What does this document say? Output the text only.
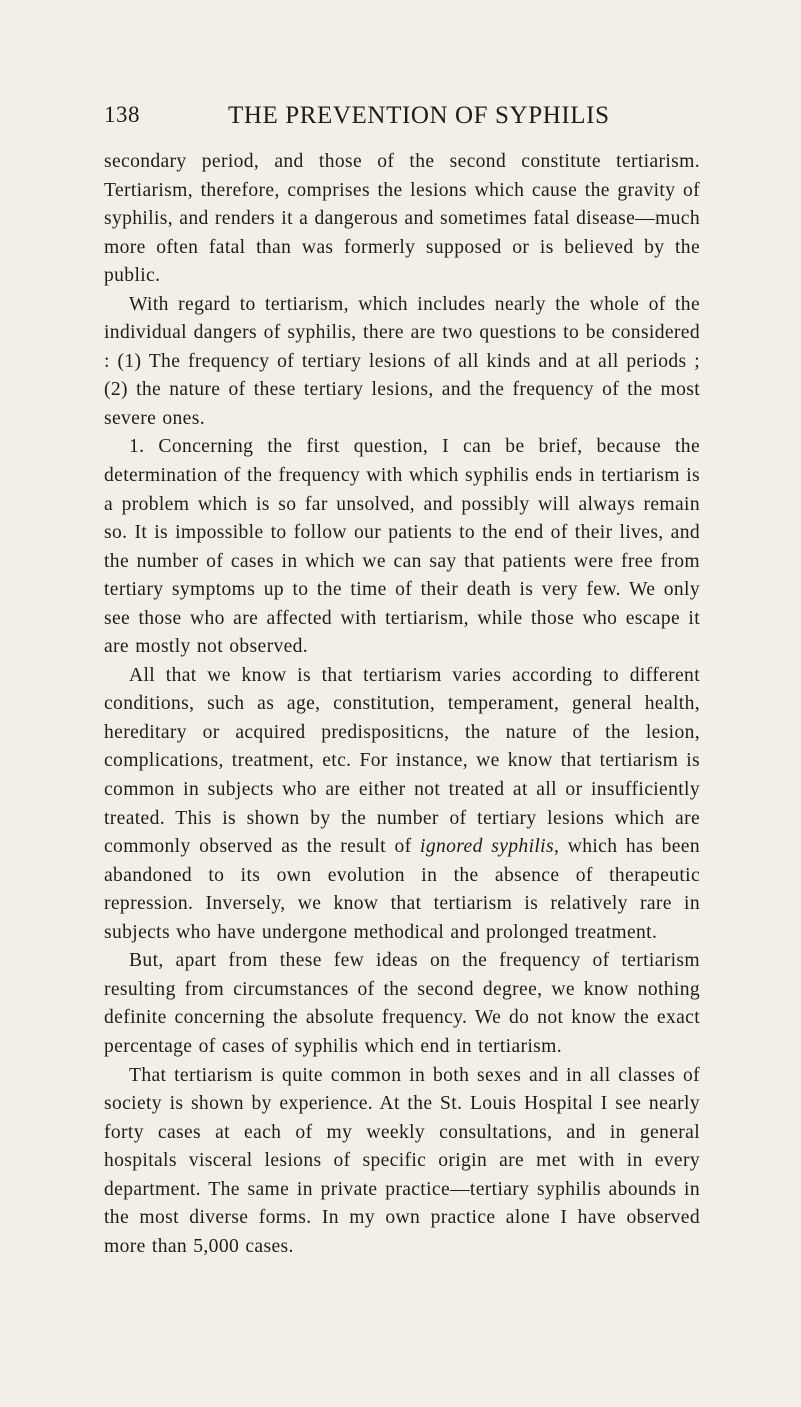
138	THE PREVENTION OF SYPHILIS

secondary period, and those of the second constitute tertiarism. Tertiarism, therefore, comprises the lesions which cause the gravity of syphilis, and renders it a dangerous and sometimes fatal disease—much more often fatal than was formerly supposed or is believed by the public.

With regard to tertiarism, which includes nearly the whole of the individual dangers of syphilis, there are two questions to be considered : (1) The frequency of tertiary lesions of all kinds and at all periods ; (2) the nature of these tertiary lesions, and the frequency of the most severe ones.

1. Concerning the first question, I can be brief, because the determination of the frequency with which syphilis ends in tertiarism is a problem which is so far unsolved, and possibly will always remain so. It is impossible to follow our patients to the end of their lives, and the number of cases in which we can say that patients were free from tertiary symptoms up to the time of their death is very few. We only see those who are affected with tertiarism, while those who escape it are mostly not observed.

All that we know is that tertiarism varies according to different conditions, such as age, constitution, temperament, general health, hereditary or acquired predispositicns, the nature of the lesion, complications, treatment, etc. For instance, we know that tertiarism is common in subjects who are either not treated at all or insufficiently treated. This is shown by the number of tertiary lesions which are commonly observed as the result of ignored syphilis, which has been abandoned to its own evolution in the absence of therapeutic repression. Inversely, we know that tertiarism is relatively rare in subjects who have undergone methodical and prolonged treatment.

But, apart from these few ideas on the frequency of tertiarism resulting from circumstances of the second degree, we know nothing definite concerning the absolute frequency. We do not know the exact percentage of cases of syphilis which end in tertiarism.

That tertiarism is quite common in both sexes and in all classes of society is shown by experience. At the St. Louis Hospital I see nearly forty cases at each of my weekly consultations, and in general hospitals visceral lesions of specific origin are met with in every department. The same in private practice—tertiary syphilis abounds in the most diverse forms. In my own practice alone I have observed more than 5,000 cases.
